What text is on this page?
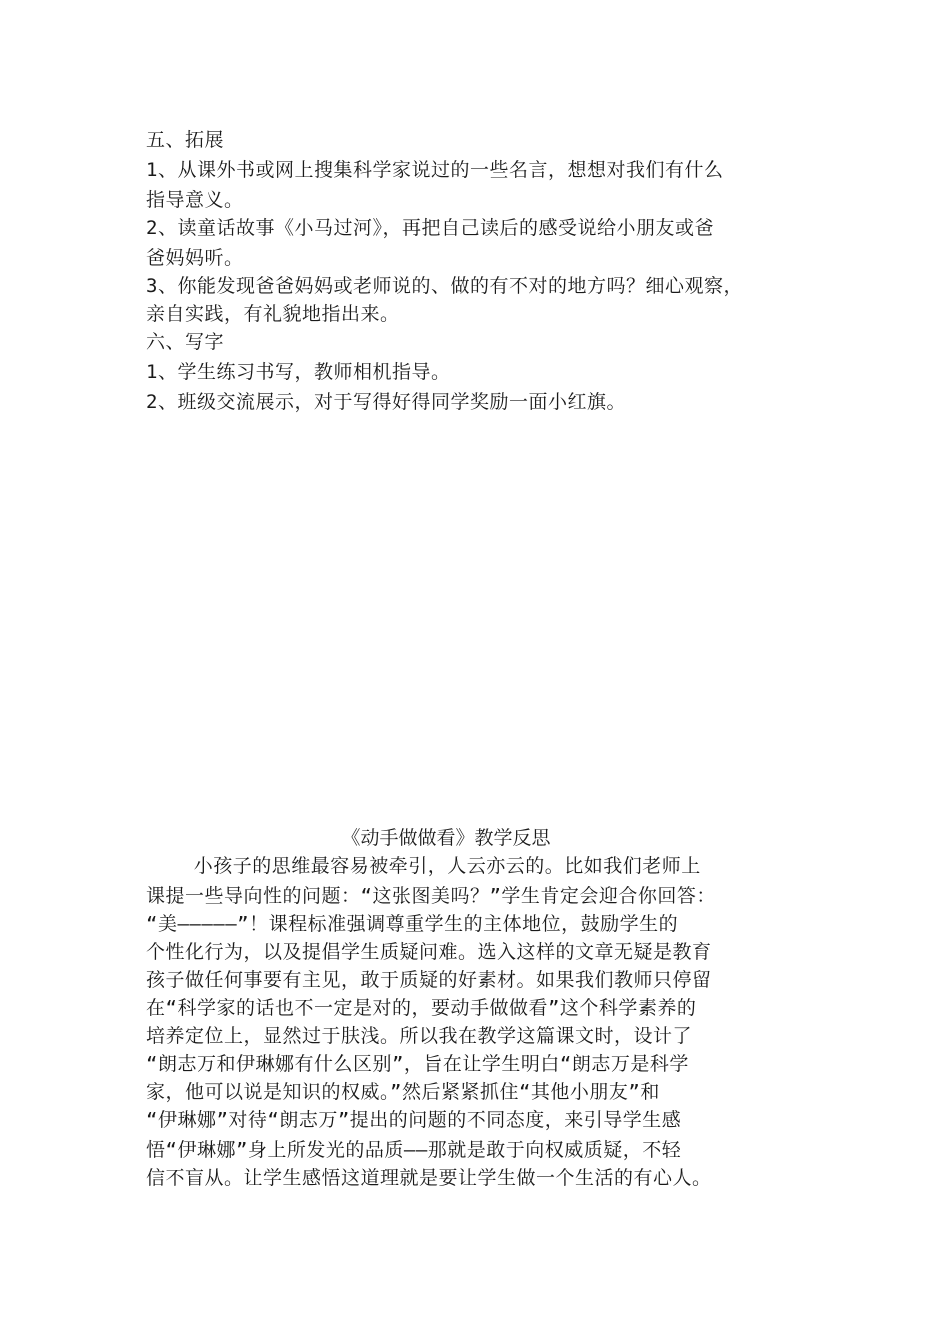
五、拓展
1、从课外书或网上搜集科学家说过的一些名言，想想对我们有什么
指导意义。
2、读童话故事《小马过河》，再把自己读后的感受说给小朋友或爸
爸妈妈听。
3、你能发现爸爸妈妈或老师说的、做的有不对的地方吗？细心观察，
亲自实践，有礼貌地指出来。
六、写字
1、学生练习书写，教师相机指导。
2、班级交流展示，对于写得好得同学奖励一面小红旗。
《动手做做看》教学反思
小孩子的思维最容易被牵引，人云亦云的。比如我们老师上
课提一些导向性的问题：“这张图美吗？”学生肯定会迎合你回答：
“美—————”！课程标准强调尊重学生的主体地位，鼓励学生的
个性化行为，以及提倡学生质疑问难。选入这样的文章无疑是教育
孩子做任何事要有主见，敢于质疑的好素材。如果我们教师只停留
在“科学家的话也不一定是对的，要动手做做看”这个科学素养的
培养定位上，显然过于肤浅。所以我在教学这篇课文时，设计了
“朗志万和伊琳娜有什么区别”，旨在让学生明白“朗志万是科学
家，他可以说是知识的权威。”然后紧紧抓住“其他小朋友”和
“伊琳娜”对待“朗志万”提出的问题的不同态度，来引导学生感
悟“伊琳娜”身上所发光的品质——那就是敢于向权威质疑，不轻
信不盲从。让学生感悟这道理就是要让学生做一个生活的有心人。
